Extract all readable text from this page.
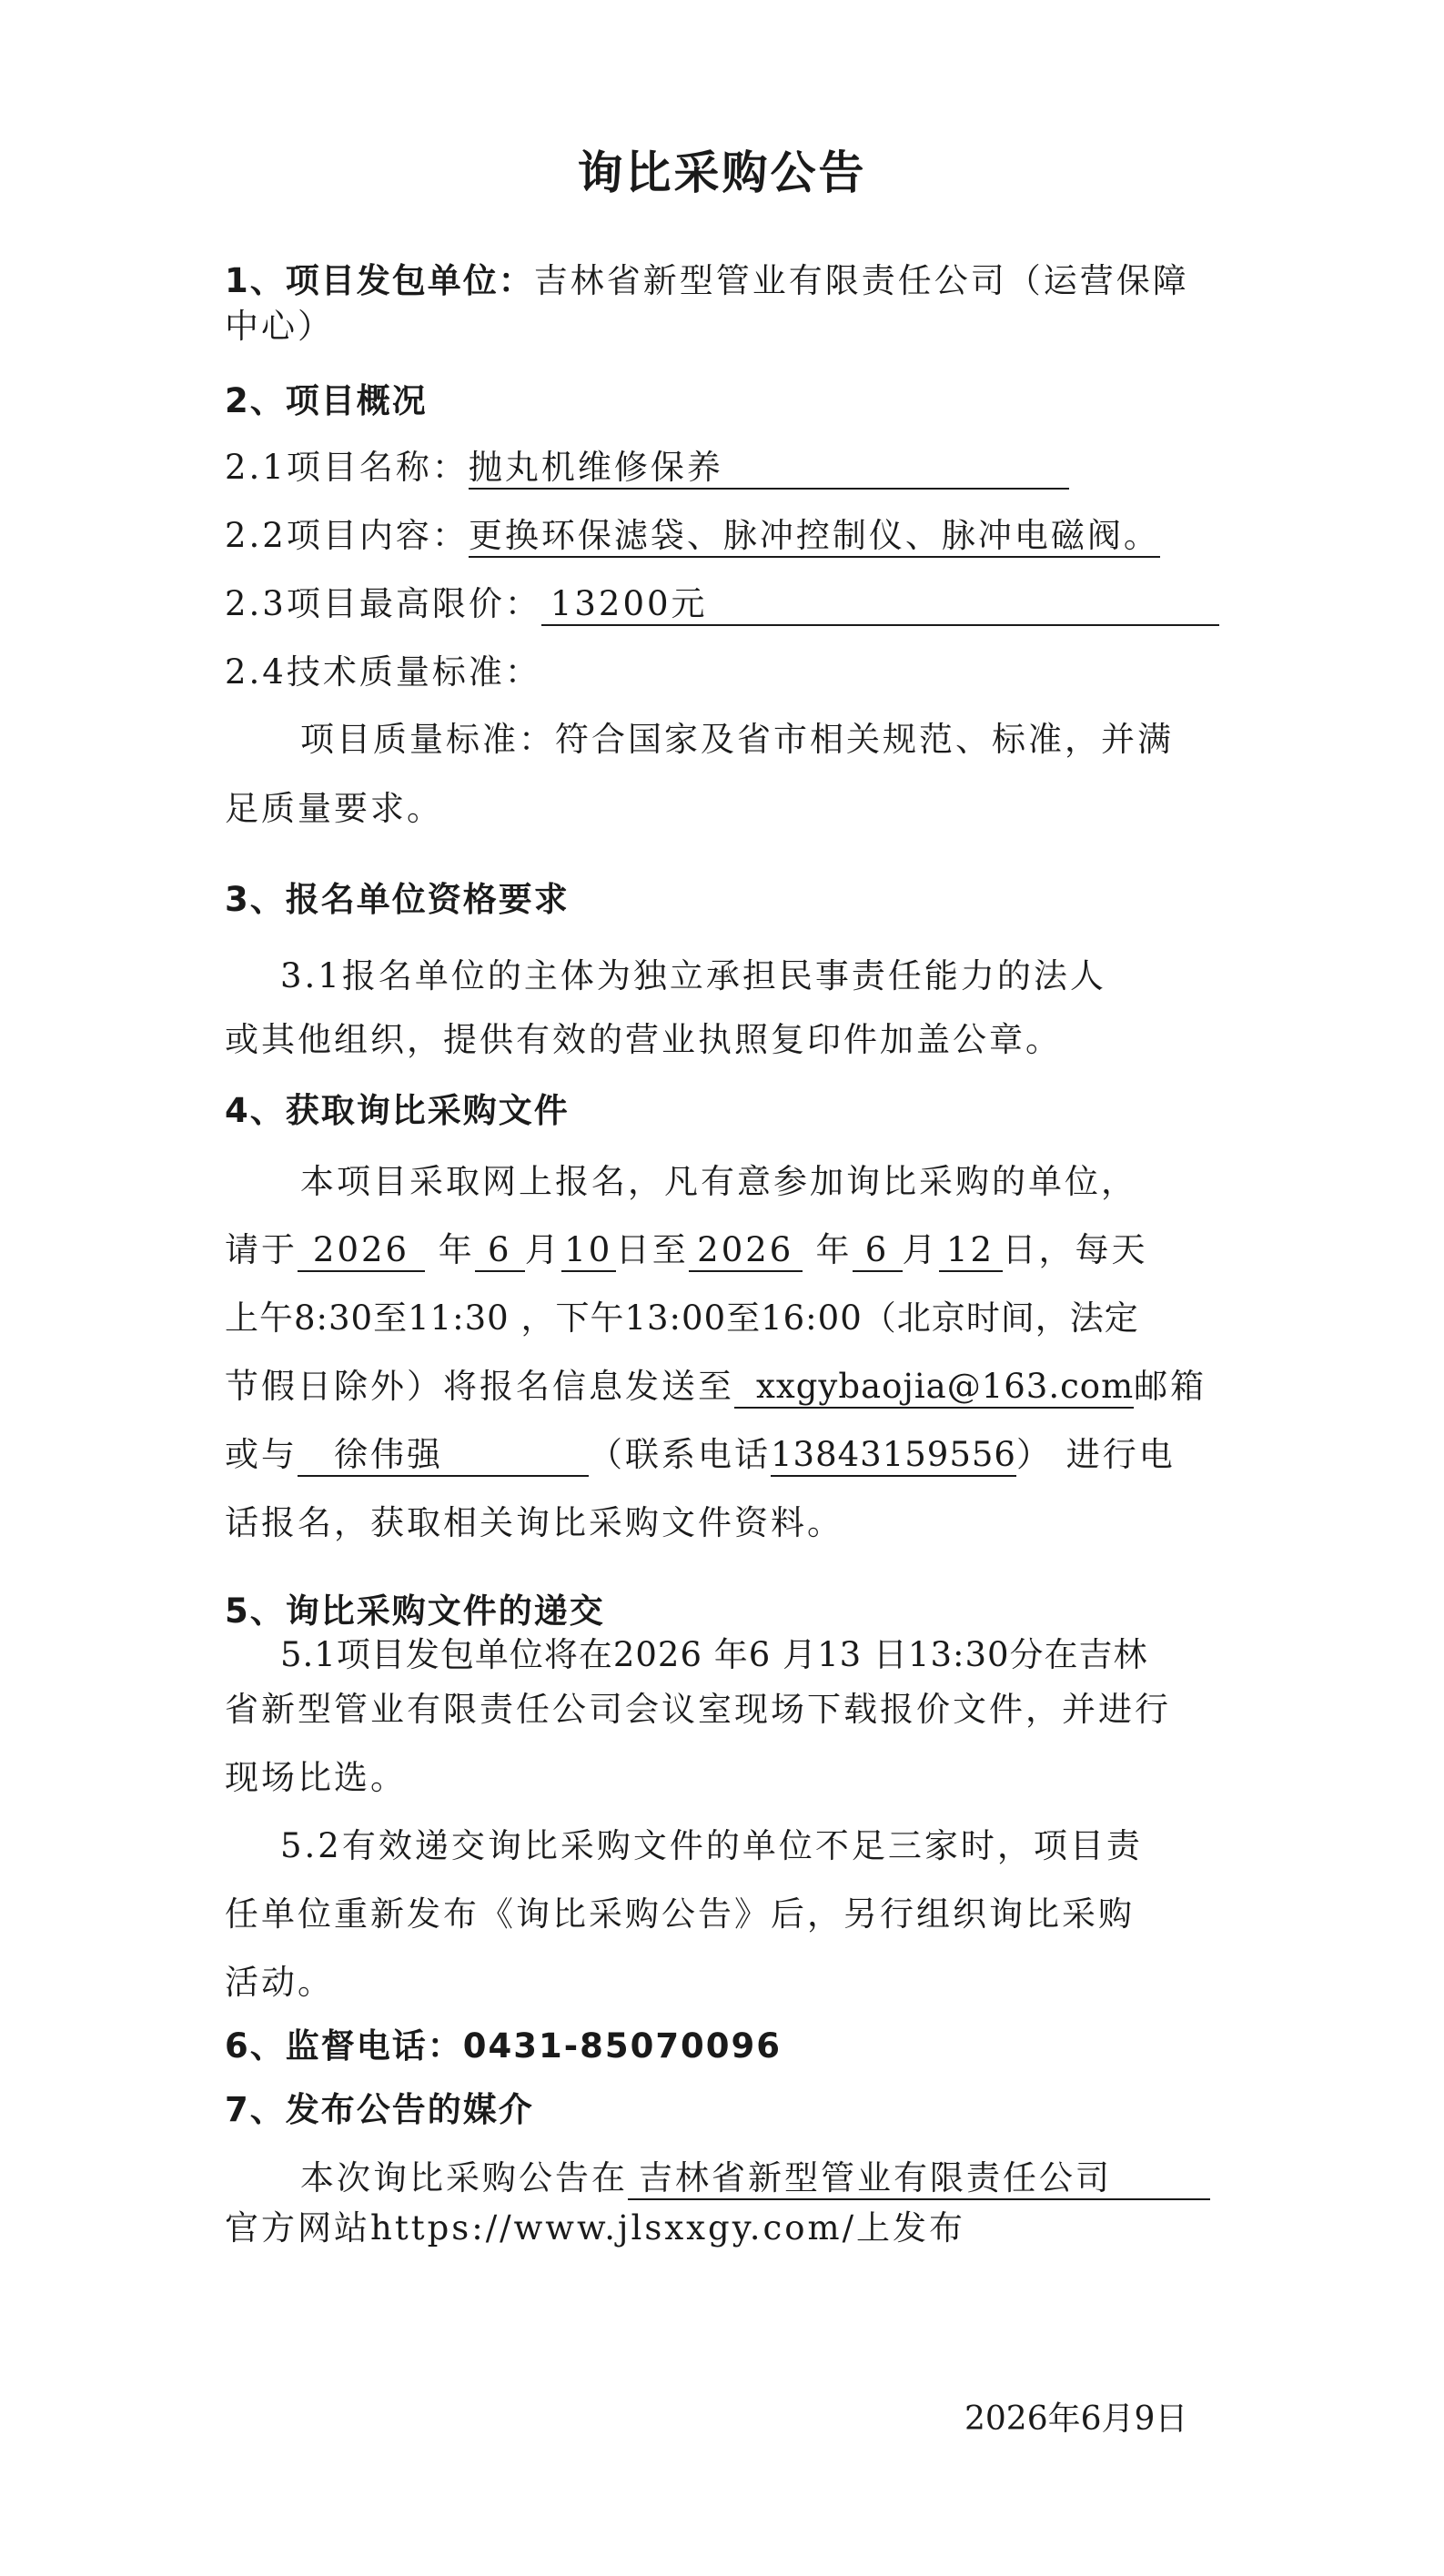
询比采购公告
1、项目发包单位：吉林省新型管业有限责任公司（运营保障
中心）
2、项目概况
2.1项目名称：抛丸机维修保养
2.2项目内容：更换环保滤袋、脉冲控制仪、脉冲电磁阀。
2.3项目最高限价： 13200元
2.4技术质量标准：
项目质量标准：符合国家及省市相关规范、标准，并满
足质量要求。
3、报名单位资格要求
3.1报名单位的主体为独立承担民事责任能力的法人
或其他组织，提供有效的营业执照复印件加盖公章。
4、获取询比采购文件
本项目采取网上报名，凡有意参加询比采购的单位，
请于 2026 年 6 月10日至 2026 年 6 月 12 日，每天
上午8:30至11:30 ，下午13:00至16:00（北京时间，法定
节假日除外）将报名信息发送至 xxgybaojia@163.com邮箱
或与 徐伟强	（联系电话13843159556） 进行电
话报名，获取相关询比采购文件资料。
5、询比采购文件的递交
5.1项目发包单位将在2026 年6 月13 日13:30分在吉林
省新型管业有限责任公司会议室现场下载报价文件，并进行
现场比选。
5.2有效递交询比采购文件的单位不足三家时，项目责
任单位重新发布《询比采购公告》后，另行组织询比采购
活动。
6、监督电话：0431-85070096
7、发布公告的媒介
本次询比采购公告在 吉林省新型管业有限责任公司
官方网站https://www.jlsxxgy.com/上发布
2026年6月9日
